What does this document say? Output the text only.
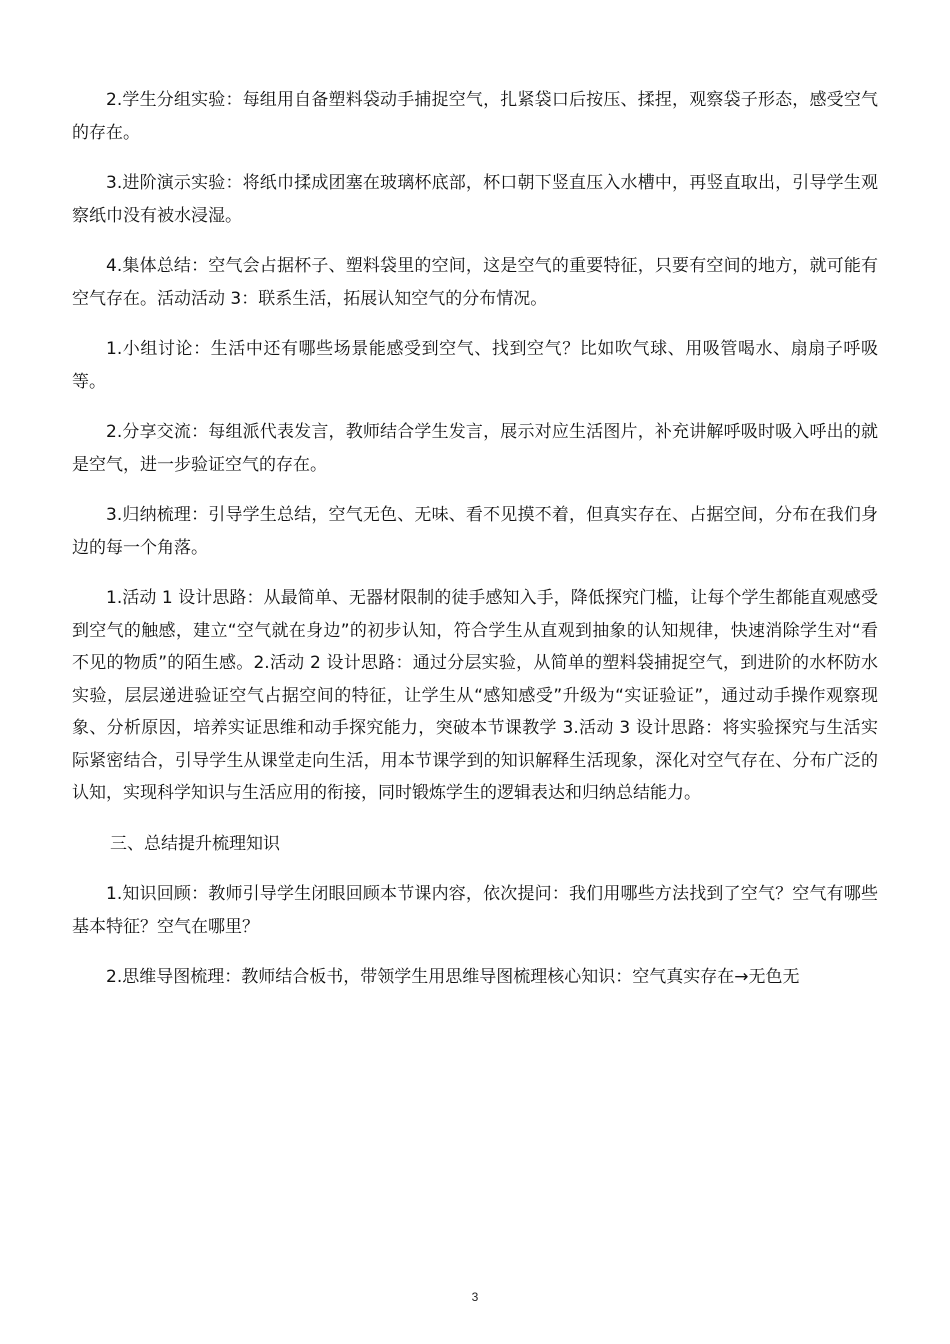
2.学生分组实验：每组用自备塑料袋动手捕捉空气，扎紧袋口后按压、揉捏，观察袋子形态，感受空气的存在。

3.进阶演示实验：将纸巾揉成团塞在玻璃杯底部，杯口朝下竖直压入水槽中，再竖直取出，引导学生观察纸巾没有被水浸湿。

4.集体总结：空气会占据杯子、塑料袋里的空间，这是空气的重要特征，只要有空间的地方，就可能有空气存在。活动活动 3：联系生活，拓展认知空气的分布情况。

1.小组讨论：生活中还有哪些场景能感受到空气、找到空气？比如吹气球、用吸管喝水、扇扇子呼吸等。

2.分享交流：每组派代表发言，教师结合学生发言，展示对应生活图片，补充讲解呼吸时吸入呼出的就是空气，进一步验证空气的存在。

3.归纳梳理：引导学生总结，空气无色、无味、看不见摸不着，但真实存在、占据空间，分布在我们身边的每一个角落。

1.活动 1 设计思路：从最简单、无器材限制的徒手感知入手，降低探究门槛，让每个学生都能直观感受到空气的触感，建立“空气就在身边”的初步认知，符合学生从直观到抽象的认知规律，快速消除学生对“看不见的物质”的陌生感。2.活动 2 设计思路：通过分层实验，从简单的塑料袋捕捉空气，到进阶的水杯防水实验，层层递进验证空气占据空间的特征，让学生从“感知感受”升级为“实证验证”，通过动手操作观察现象、分析原因，培养实证思维和动手探究能力，突破本节课教学 3.活动 3 设计思路：将实验探究与生活实际紧密结合，引导学生从课堂走向生活，用本节课学到的知识解释生活现象，深化对空气存在、分布广泛的认知，实现科学知识与生活应用的衔接，同时锻炼学生的逻辑表达和归纳总结能力。

三、总结提升梳理知识

1.知识回顾：教师引导学生闭眼回顾本节课内容，依次提问：我们用哪些方法找到了空气？空气有哪些基本特征？空气在哪里？

2.思维导图梳理：教师结合板书，带领学生用思维导图梳理核心知识：空气真实存在→无色无

3
